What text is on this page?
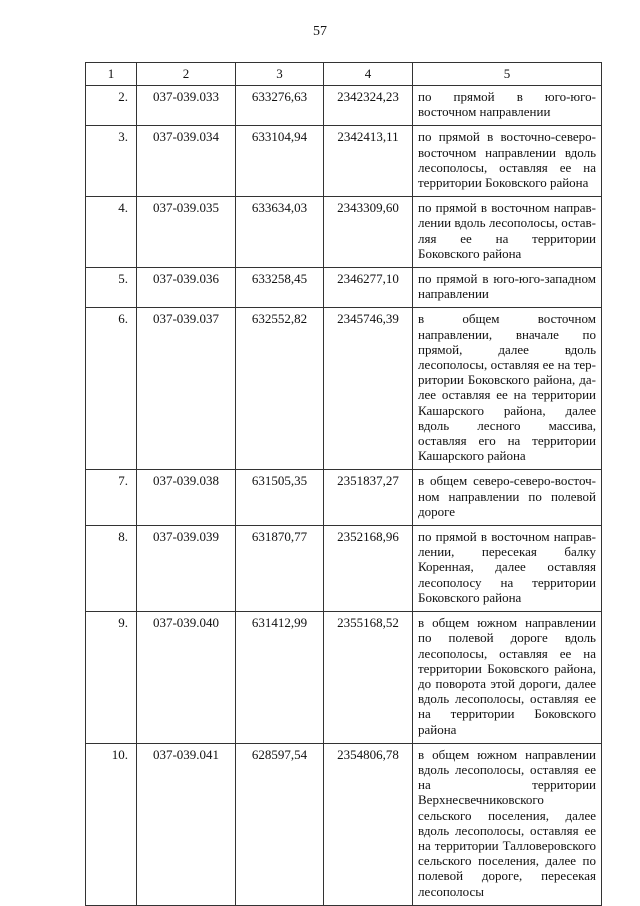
57
1	2	3	4	5
2.	037-039.033	633276,63	2342324,23	по прямой в юго-юго-восточном направлении
3.	037-039.034	633104,94	2342413,11	по прямой в восточно-северовосточном направлении вдоль лесополосы, оставляя ее на территории Боковского района
4.	037-039.035	633634,03	2343309,60	по прямой в восточном направлении вдоль лесополосы, оставляя ее на территории Боковского района
5.	037-039.036	633258,45	2346277,10	по прямой в юго-юго-западном направлении
6.	037-039.037	632552,82	2345746,39	в общем восточном направлении, вначале по прямой, далее вдоль лесополосы, оставляя ее на территории Боковского района, далее оставляя ее на территории Кашарского района, далее вдоль лесного массива, оставляя его на территории Кашарского района
7.	037-039.038	631505,35	2351837,27	в общем северо-северо-восточном направлении по полевой дороге
8.	037-039.039	631870,77	2352168,96	по прямой в восточном направлении, пересекая балку Коренная, далее оставляя лесополосу на территории Боковского района
9.	037-039.040	631412,99	2355168,52	в общем южном направлении по полевой дороге вдоль лесополосы, оставляя ее на территории Боковского района, до поворота этой дороги, далее вдоль лесополосы, оставляя ее на территории Боковского района
10.	037-039.041	628597,54	2354806,78	в общем южном направлении вдоль лесополосы, оставляя ее на территории Верхнесвечниковского сельского поселения, далее вдоль лесополосы, оставляя ее на территории Талловеровского сельского поселения, далее по полевой дороге, пересекая лесополосы
